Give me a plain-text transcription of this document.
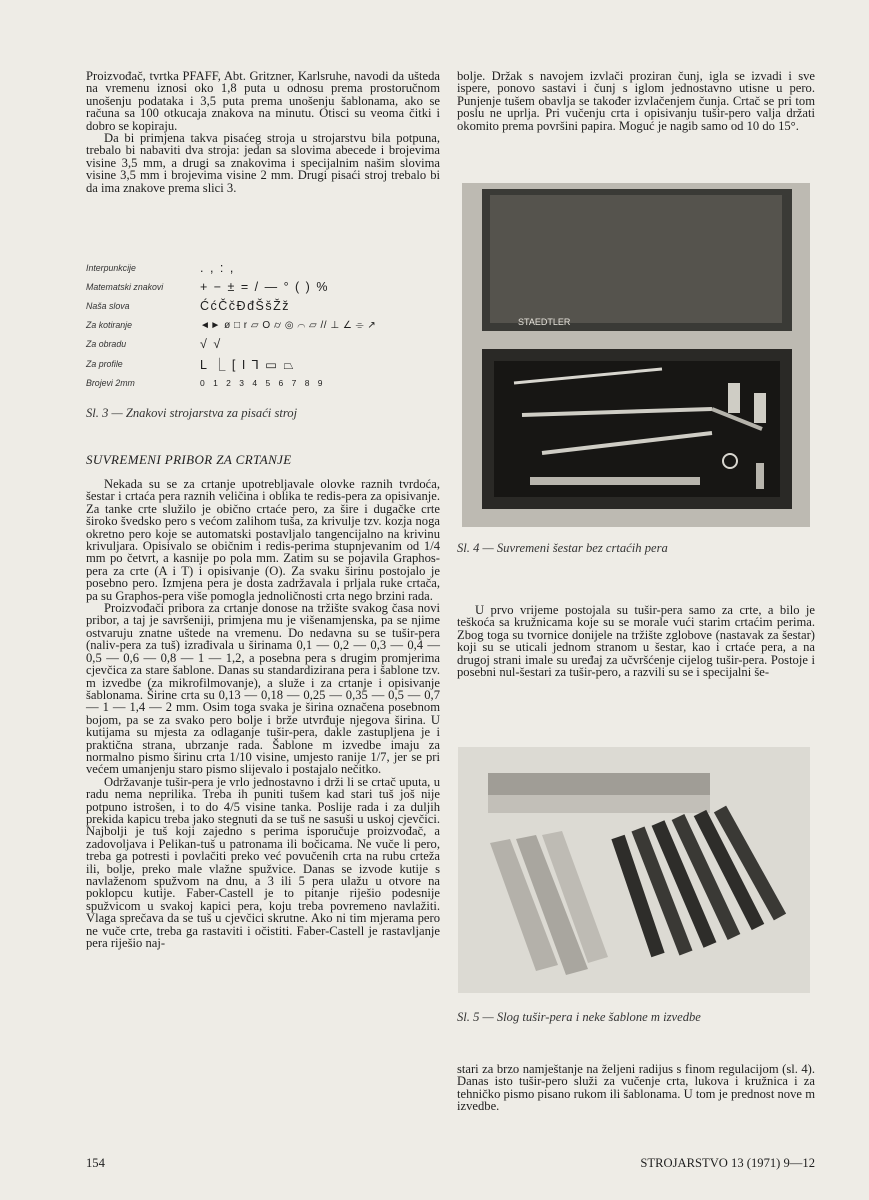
Proizvođač, tvrtka PFAFF, Abt. Gritzner, Karlsruhe, navodi da ušteda na vremenu iznosi oko 1,8 puta u odnosu prema prostoručnom unošenju podataka i 3,5 puta prema unošenju šablonama, ako se računa sa 100 otkucaja znakova na minutu. Otisci su veoma čitki i dobro se kopiraju.

Da bi primjena takva pisaćeg stroja u strojarstvu bila potpuna, trebalo bi nabaviti dva stroja: jedan sa slovima abecede i brojevima visine 3,5 mm, a drugi sa znakovima i specijalnim našim slovima visine 3,5 mm i brojevima visine 2 mm. Drugi pisaći stroj trebalo bi da ima znakove prema slici 3.

Interpunkcije	. , : ,
Matematski znakovi	+ − ± = / — ° ( ) %
Naša slova	ĆćČčĐđŠšŽž
Za kotiranje	◄► ø □ r ▱ O ⌭ ◎ ⌒ ⏥ // ⊥ ∠ ⌯ ↗
Za obradu	√ √
Za profile	L ⎿ [ I ⅂ ▭ ⏢
Brojevi 2mm	0 1 2 3 4 5 6 7 8 9
Sl. 3 — Znakovi strojarstva za pisaći stroj
SUVREMENI PRIBOR ZA CRTANJE

Nekada su se za crtanje upotrebljavale olovke raznih tvrdoća, šestar i crtaća pera raznih veličina i oblika te redis-pera za opisivanje. Za tanke crte služilo je obično crtaće pero, za šire i dugačke crte široko švedsko pero s većom zalihom tuša, za krivulje tzv. kozja noga okretno pero koje se automatski postavljalo tangencijalno na krivinu krivuljara. Opisivalo se običnim i redis-perima stupnjevanim od 1/4 mm po četvrt, a kasnije po pola mm. Zatim su se pojavila Graphos-pera za crte (A i T) i opisivanje (O). Za svaku širinu postojalo je posebno pero. Izmjena pera je dosta zadržavala i prljala ruke crtača, pa su Graphos-pera više pomogla jednoličnosti crta nego brzini rada.

Proizvođači pribora za crtanje donose na tržište svakog časa novi pribor, a taj je savršeniji, primjena mu je višenamjenska, pa se njime ostvaruju znatne uštede na vremenu. Do nedavna su se tušir-pera (naliv-pera za tuš) izrađivala u širinama 0,1 — 0,2 — 0,3 — 0,4 — 0,5 — 0,6 — 0,8 — 1 — 1,2, a posebna pera s drugim promjerima cjevčica za stare šablone. Danas su standardizirana pera i šablone tzv. m izvedbe (za mikrofilmovanje), a služe i za crtanje i opisivanje šablonama. Širine crta su 0,13 — 0,18 — 0,25 — 0,35 — 0,5 — 0,7 — 1 — 1,4 — 2 mm. Osim toga svaka je širina označena posebnom bojom, pa se za svako pero bolje i brže utvrđuje njegova širina. U kutijama su mjesta za odlaganje tušir-pera, dakle zastupljena je i praktična strana, ubrzanje rada. Šablone m izvedbe imaju za normalno pismo širinu crta 1/10 visine, umjesto ranije 1/7, jer se pri većem umanjenju staro pismo slijevalo i postajalo nečitko.

Održavanje tušir-pera je vrlo jednostavno i drži li se crtač uputa, u radu nema neprilika. Treba ih puniti tušem kad stari tuš još nije potpuno istrošen, i to do 4/5 visine tanka. Poslije rada i za duljih prekida kapicu treba jako stegnuti da se tuš ne sasuši u uskoj cjevčici. Najbolji je tuš koji zajedno s perima isporučuje proizvođač, a zadovoljava i Pelikan-tuš u patronama ili bočicama. Ne vuče li pero, treba ga potresti i povlačiti preko već povučenih crta na rubu crteža ili, bolje, preko male vlažne spužvice. Danas se izvode kutije s navlaženom spužvom na dnu, a 3 ili 5 pera ulažu u otvore na poklopcu kutije. Faber-Castell je to pitanje riješio podesnije spužvicom u svakoj kapici pera, koju treba povremeno navlažiti. Vlaga sprečava da se tuš u cjevčici skrutne. Ako ni tim mjerama pero ne vuče crte, treba ga rastaviti i očistiti. Faber-Castell je rastavljanje pera riješio naj-

bolje. Držak s navojem izvlači proziran čunj, igla se izvadi i sve ispere, ponovo sastavi i čunj s iglom jednostavno utisne u pero. Punjenje tušem obavlja se također izvlačenjem čunja. Crtač se pri tom poslu ne uprlja. Pri vučenju crta i opisivanju tušir-pero valja držati okomito prema površini papira. Moguć je nagib samo od 10 do 15°.

STAEDTLER
Sl. 4 — Suvremeni šestar bez crtaćih pera

U prvo vrijeme postojala su tušir-pera samo za crte, a bilo je teškoća sa kružnicama koje su se morale vući starim crtaćim perima. Zbog toga su tvornice donijele na tržište zglobove (nastavak za šestar) koji su se uticali jednom stranom u šestar, kao i crtaće pera, a na drugoj strani imale su uređaj za učvršćenje cijelog tušir-pera. Postoje i posebni nul-šestari za tušir-pero, a razvili su se i specijalni še-

Sl. 5 — Slog tušir-pera i neke šablone m izvedbe

stari za brzo namještanje na željeni radijus s finom regulacijom (sl. 4). Danas isto tušir-pero služi za vučenje crta, lukova i kružnica i za tehničko pismo pisano rukom ili šablonama. U tom je prednost nove m izvedbe.

154	STROJARSTVO 13 (1971) 9—12
